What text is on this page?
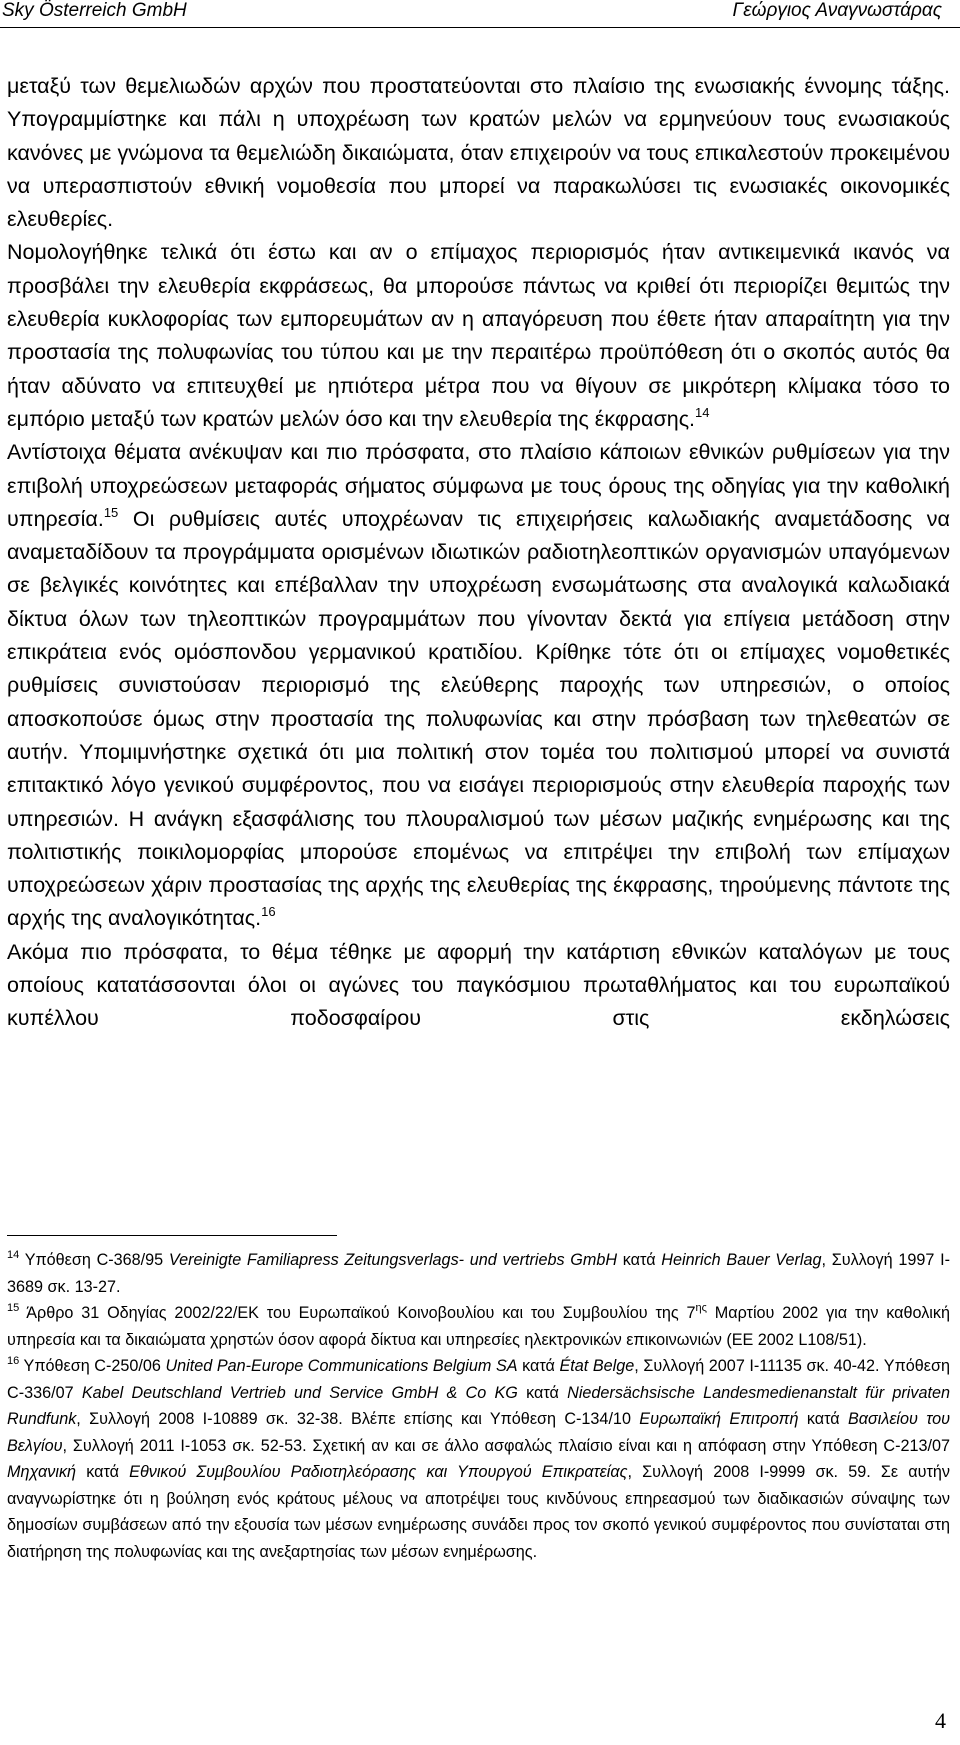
Sky Österreich GmbH	Γεώργιος Αναγνωστάρας

μεταξύ των θεμελιωδών αρχών που προστατεύονται στο πλαίσιο της ενωσιακής έννομης τάξης. Υπογραμμίστηκε και πάλι η υποχρέωση των κρατών μελών να ερμηνεύουν τους ενωσιακούς κανόνες με γνώμονα τα θεμελιώδη δικαιώματα, όταν επιχειρούν να τους επικαλεστούν προκειμένου να υπερασπιστούν εθνική νομοθεσία που μπορεί να παρακωλύσει τις ενωσιακές οικονομικές ελευθερίες.

Νομολογήθηκε τελικά ότι έστω και αν ο επίμαχος περιορισμός ήταν αντικειμενικά ικανός να προσβάλει την ελευθερία εκφράσεως, θα μπορούσε πάντως να κριθεί ότι περιορίζει θεμιτώς την ελευθερία κυκλοφορίας των εμπορευμάτων αν η απαγόρευση που έθετε ήταν απαραίτητη για την προστασία της πολυφωνίας του τύπου και με την περαιτέρω προϋπόθεση ότι ο σκοπός αυτός θα ήταν αδύνατο να επιτευχθεί με ηπιότερα μέτρα που να θίγουν σε μικρότερη κλίμακα τόσο το εμπόριο μεταξύ των κρατών μελών όσο και την ελευθερία της έκφρασης.$^{14}$

Αντίστοιχα θέματα ανέκυψαν και πιο πρόσφατα, στο πλαίσιο κάποιων εθνικών ρυθμίσεων για την επιβολή υποχρεώσεων μεταφοράς σήματος σύμφωνα με τους όρους της οδηγίας για την καθολική υπηρεσία.$^{15}$ Οι ρυθμίσεις αυτές υποχρέωναν τις επιχειρήσεις καλωδιακής αναμετάδοσης να αναμεταδίδουν τα προγράμματα ορισμένων ιδιωτικών ραδιοτηλεοπτικών οργανισμών υπαγόμενων σε βελγικές κοινότητες και επέβαλλαν την υποχρέωση ενσωμάτωσης στα αναλογικά καλωδιακά δίκτυα όλων των τηλεοπτικών προγραμμάτων που γίνονταν δεκτά για επίγεια μετάδοση στην επικράτεια ενός ομόσπονδου γερμανικού κρατιδίου. Κρίθηκε τότε ότι οι επίμαχες νομοθετικές ρυθμίσεις συνιστούσαν περιορισμό της ελεύθερης παροχής των υπηρεσιών, ο οποίος αποσκοπούσε όμως στην προστασία της πολυφωνίας και στην πρόσβαση των τηλεθεατών σε αυτήν. Υπομιμνήστηκε σχετικά ότι μια πολιτική στον τομέα του πολιτισμού μπορεί να συνιστά επιτακτικό λόγο γενικού συμφέροντος, που να εισάγει περιορισμούς στην ελευθερία παροχής των υπηρεσιών. Η ανάγκη εξασφάλισης του πλουραλισμού των μέσων μαζικής ενημέρωσης και της πολιτιστικής ποικιλομορφίας μπορούσε επομένως να επιτρέψει την επιβολή των επίμαχων υποχρεώσεων χάριν προστασίας της αρχής της ελευθερίας της έκφρασης, τηρούμενης πάντοτε της αρχής της αναλογικότητας.$^{16}$

Ακόμα πιο πρόσφατα, το θέμα τέθηκε με αφορμή την κατάρτιση εθνικών καταλόγων με τους οποίους κατατάσσονται όλοι οι αγώνες του παγκόσμιου πρωταθλήματος και του ευρωπαϊκού κυπέλλου ποδοσφαίρου στις εκδηλώσεις

$^{14}$ Υπόθεση C-368/95 Vereinigte Familiapress Zeitungsverlags- und vertriebs GmbH κατά Heinrich Bauer Verlag, Συλλογή 1997 I-3689 σκ. 13-27.

$^{15}$ Άρθρο 31 Οδηγίας 2002/22/ΕΚ του Ευρωπαϊκού Κοινοβουλίου και του Συμβουλίου της $7^{\eta\varsigma}$ Μαρτίου 2002 για την καθολική υπηρεσία και τα δικαιώματα χρηστών όσον αφορά δίκτυα και υπηρεσίες ηλεκτρονικών επικοινωνιών (ΕΕ 2002 L108/51).

$^{16}$ Υπόθεση C-250/06 United Pan-Europe Communications Belgium SA κατά État Belge, Συλλογή 2007 I-11135 σκ. 40-42. Υπόθεση C-336/07 Kabel Deutschland Vertrieb und Service GmbH & Co KG κατά Niedersächsische Landesmedienanstalt für privaten Rundfunk, Συλλογή 2008 I-10889 σκ. 32-38. Βλέπε επίσης και Υπόθεση C-134/10 Ευρωπαϊκή Επιτροπή κατά Βασιλείου του Βελγίου, Συλλογή 2011 I-1053 σκ. 52-53. Σχετική αν και σε άλλο ασφαλώς πλαίσιο είναι και η απόφαση στην Υπόθεση C-213/07 Μηχανική κατά Εθνικού Συμβουλίου Ραδιοτηλεόρασης και Υπουργού Επικρατείας, Συλλογή 2008 I-9999 σκ. 59. Σε αυτήν αναγνωρίστηκε ότι η βούληση ενός κράτους μέλους να αποτρέψει τους κινδύνους επηρεασμού των διαδικασιών σύναψης των δημοσίων συμβάσεων από την εξουσία των μέσων ενημέρωσης συνάδει προς τον σκοπό γενικού συμφέροντος που συνίσταται στη διατήρηση της πολυφωνίας και της ανεξαρτησίας των μέσων ενημέρωσης.

4
